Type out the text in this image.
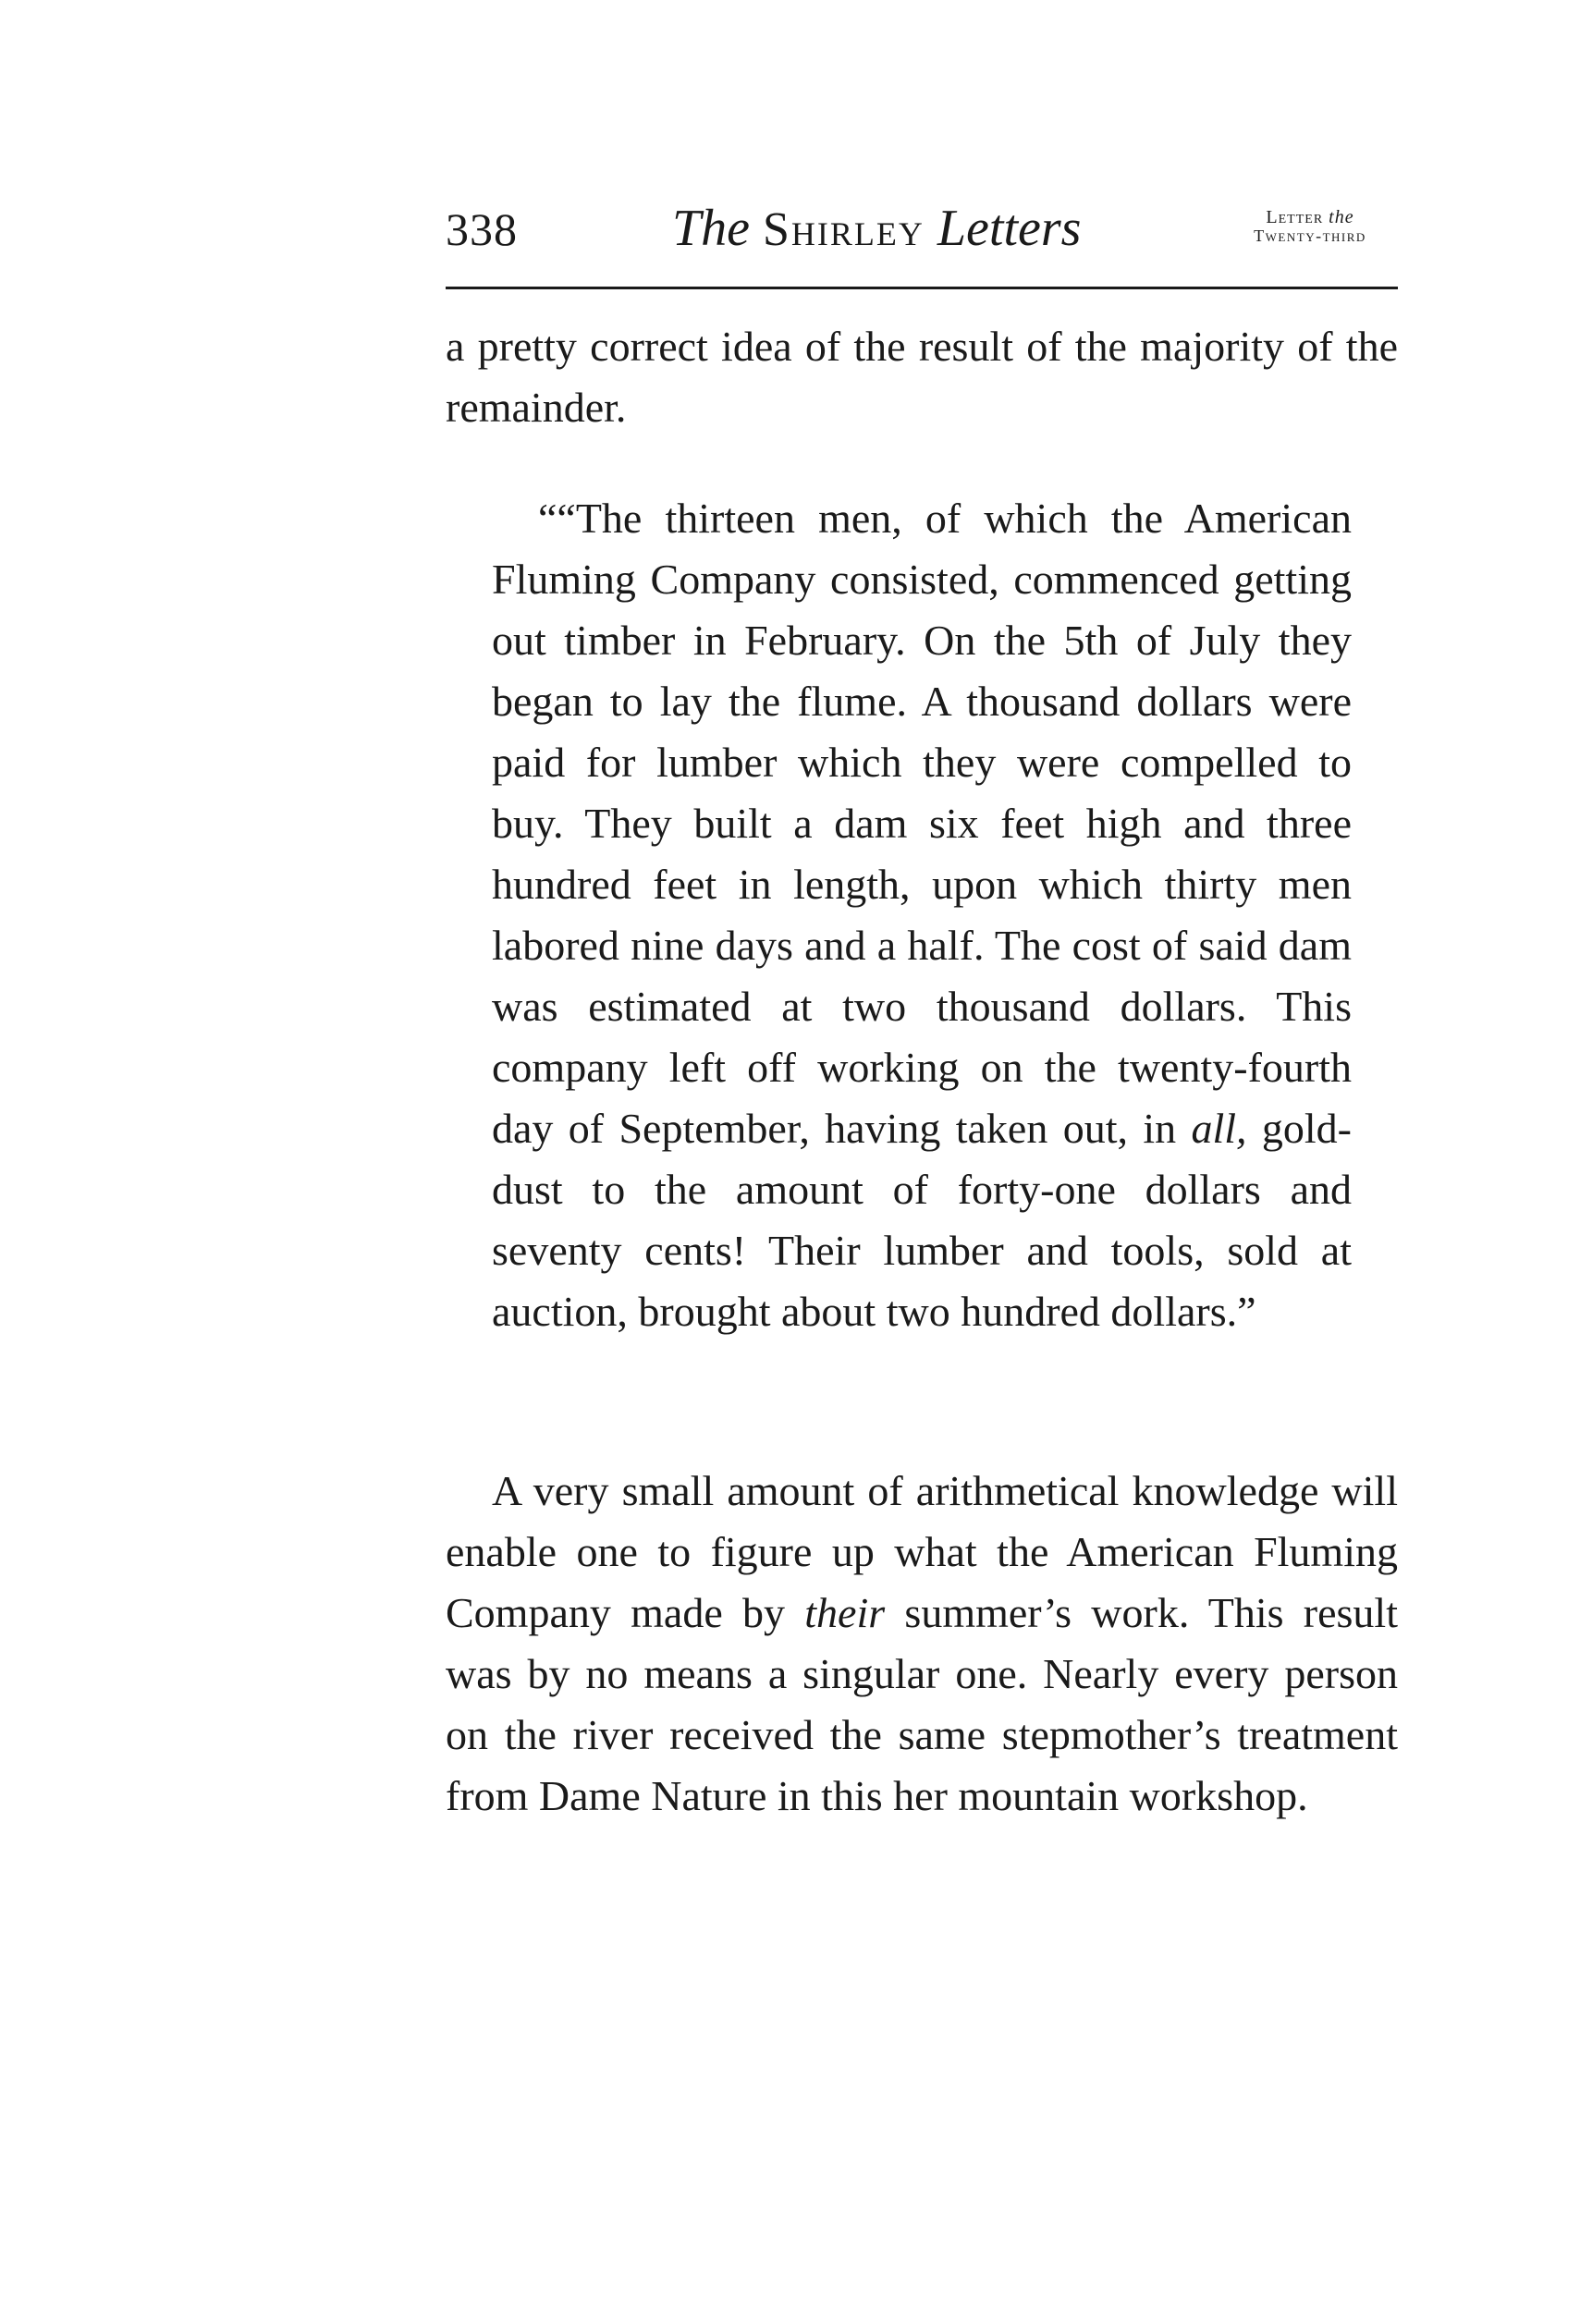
338	The Shirley Letters	Letter the
Twenty-third

a pretty correct idea of the result of the majority of the remainder.

““The thirteen men, of which the American Fluming Company consisted, commenced getting out timber in February. On the 5th of July they began to lay the flume. A thousand dollars were paid for lumber which they were compelled to buy. They built a dam six feet high and three hundred feet in length, upon which thirty men labored nine days and a half. The cost of said dam was estimated at two thousand dollars. This company left off working on the twenty-fourth day of September, having taken out, in all, gold-dust to the amount of forty-one dollars and seventy cents! Their lumber and tools, sold at auction, brought about two hundred dollars.”

A very small amount of arithmetical knowledge will enable one to figure up what the American Fluming Company made by their summer’s work. This result was by no means a singular one. Nearly every person on the river received the same stepmother’s treatment from Dame Nature in this her mountain workshop.
